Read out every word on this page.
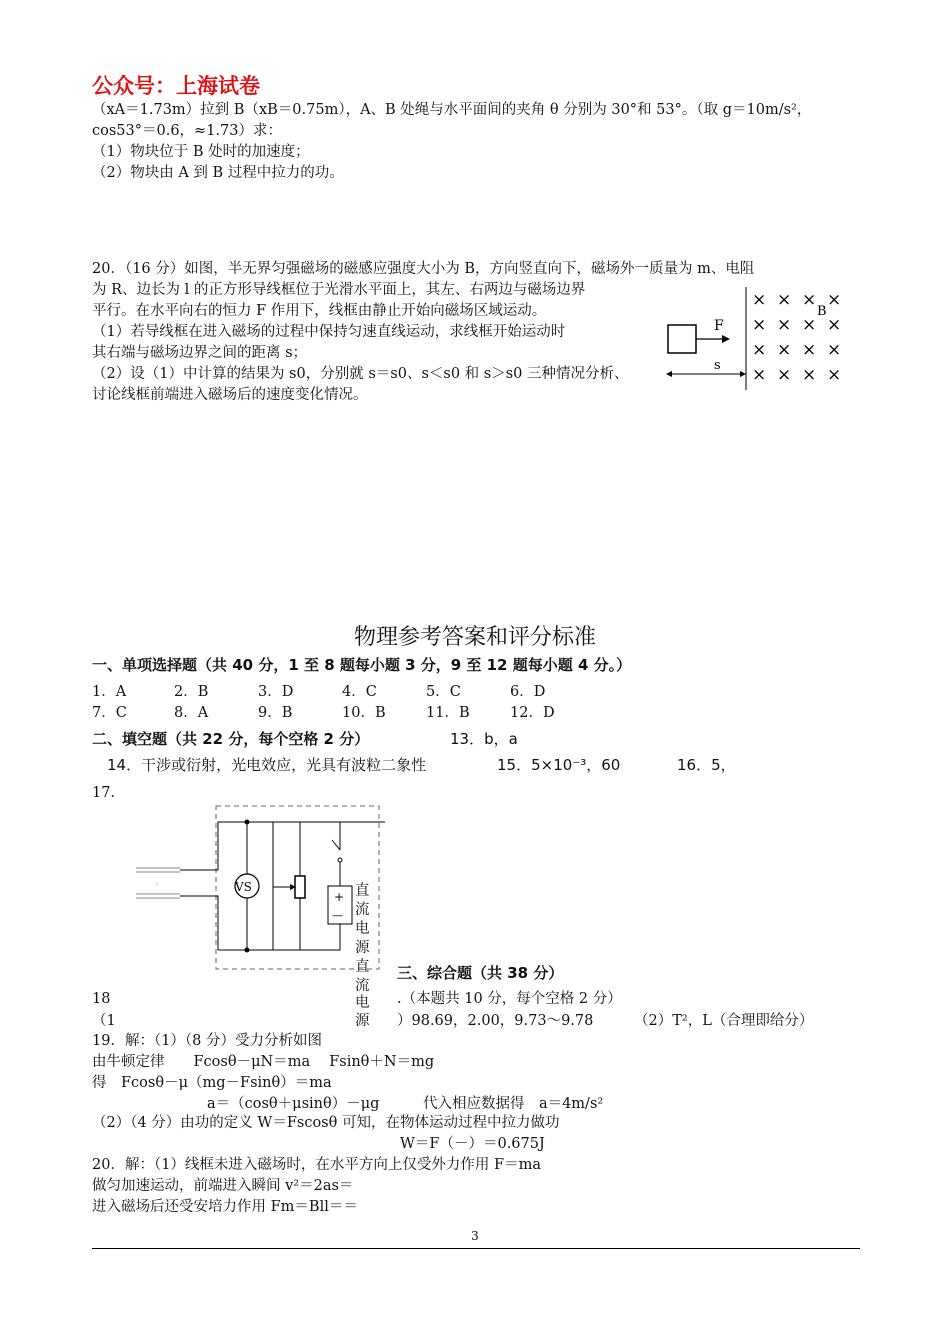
公众号：上海试卷
（xA＝1.73m）拉到 B（xB＝0.75m），A、B 处绳与水平面间的夹角 θ 分别为 30°和 53°。（取 g＝10m/s²，
cos53°＝0.6，≈1.73）求：
（1）物块位于 B 处时的加速度；
（2）物块由 A 到 B 过程中拉力的功。
20．（16 分）如图，半无界匀强磁场的磁感应强度大小为 B，方向竖直向下，磁场外一质量为 m、电阻
为 R、边长为 l 的正方形导线框位于光滑水平面上，其左、右两边与磁场边界
平行。在水平向右的恒力 F 作用下，线框由静止开始向磁场区域运动。
（1）若导线框在进入磁场的过程中保持匀速直线运动，求线框开始运动时
其右端与磁场边界之间的距离 s；
（2）设（1）中计算的结果为 s0，分别就 s＝s0、s＜s0 和 s＞s0 三种情况分析、
讨论线框前端进入磁场后的速度变化情况。
F
s
B
× × × ×
× × × ×
× × × ×
× × × ×
物理参考答案和评分标准
一、单项选择题（共 40 分，1 至 8 题每小题 3 分，9 至 12 题每小题 4 分。）
1．A	2．B	3．D	4．C	5．C	6．D
7．C	8．A	9．B	10．B	11．B	12．D
二、填空题（共 22 分，每个空格 2 分）	13．b，a
14．干涉或衍射，光电效应，光具有波粒二象性	15．5×10⁻³，60	16．5，
17．
◦	VS
+
—
直
流
电
源
直
流
电
源
三、综合题（共 38 分）
18	.（本题共 10 分，每个空格 2 分）
（1	）98.69，2.00，9.73～9.78	（2）T²，L（合理即给分）
19．解：（1）（8 分）受力分析如图
由牛顿定律　　Fcosθ－μN＝ma　 Fsinθ＋N＝mg
得　Fcosθ－μ（mg－Fsinθ）＝ma
a＝（cosθ＋μsinθ）－μg　　　代入相应数据得　a＝4m/s²
（2）（4 分）由功的定义 W＝Fscosθ 可知，在物体运动过程中拉力做功
W＝F（－）＝0.675J
20．解：（1）线框未进入磁场时，在水平方向上仅受外力作用 F＝ma
做匀加速运动，前端进入瞬间 v²＝2as＝
进入磁场后还受安培力作用 Fm＝Bll＝＝
3
